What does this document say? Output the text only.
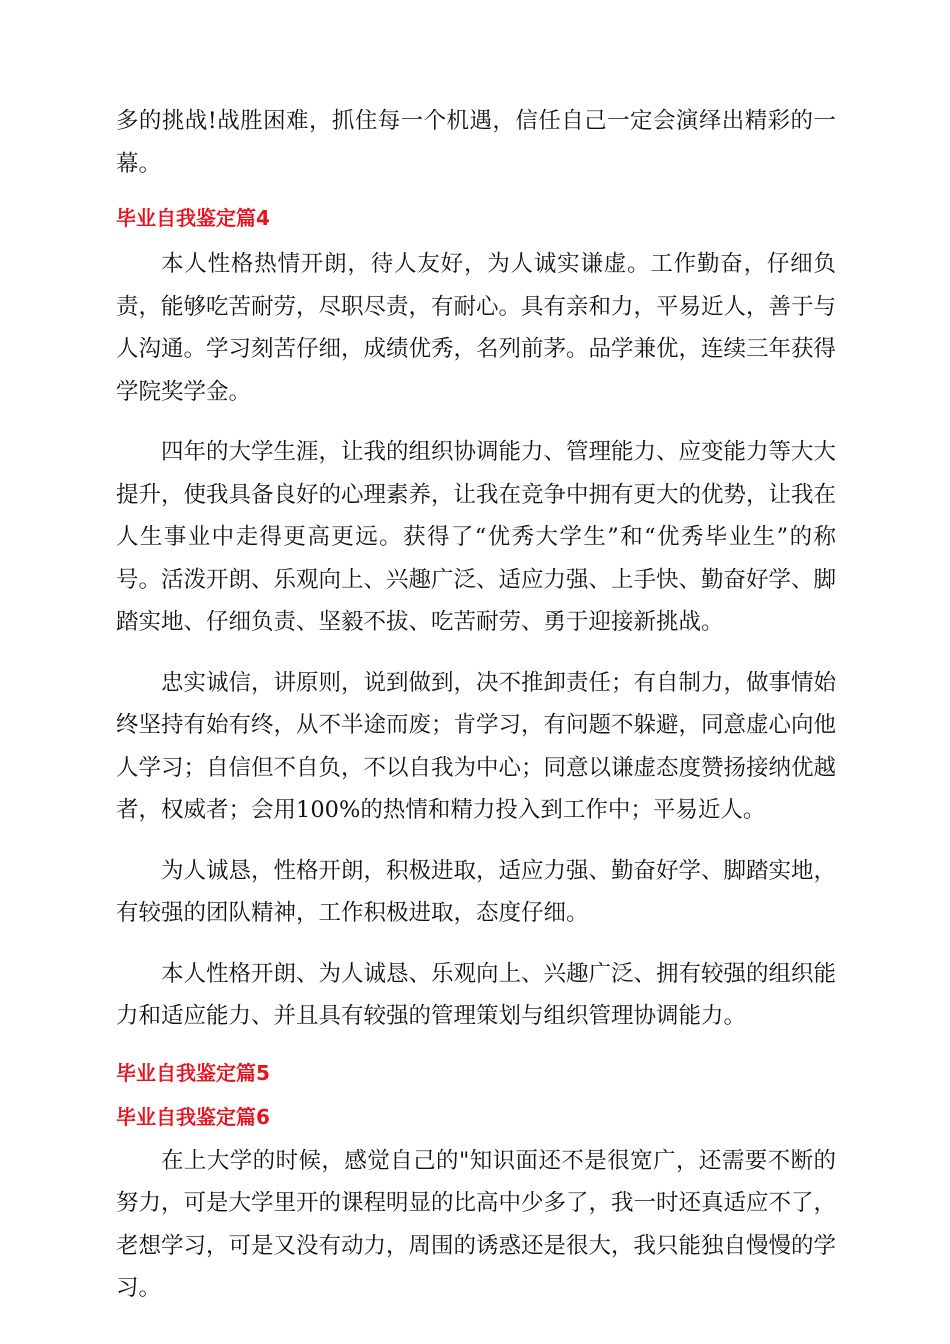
多的挑战!战胜困难，抓住每一个机遇，信任自己一定会演绎出精彩的一幕。

毕业自我鉴定篇4

本人性格热情开朗，待人友好，为人诚实谦虚。工作勤奋，仔细负责，能够吃苦耐劳，尽职尽责，有耐心。具有亲和力，平易近人，善于与人沟通。学习刻苦仔细，成绩优秀，名列前茅。品学兼优，连续三年获得学院奖学金。

四年的大学生涯，让我的组织协调能力、管理能力、应变能力等大大提升，使我具备良好的心理素养，让我在竞争中拥有更大的优势，让我在人生事业中走得更高更远。获得了“优秀大学生”和“优秀毕业生”的称号。活泼开朗、乐观向上、兴趣广泛、适应力强、上手快、勤奋好学、脚踏实地、仔细负责、坚毅不拔、吃苦耐劳、勇于迎接新挑战。

忠实诚信，讲原则，说到做到，决不推卸责任；有自制力，做事情始终坚持有始有终，从不半途而废；肯学习，有问题不躲避，同意虚心向他人学习；自信但不自负，不以自我为中心；同意以谦虚态度赞扬接纳优越者，权威者；会用100%的热情和精力投入到工作中；平易近人。

为人诚恳，性格开朗，积极进取，适应力强、勤奋好学、脚踏实地，有较强的团队精神，工作积极进取，态度仔细。

本人性格开朗、为人诚恳、乐观向上、兴趣广泛、拥有较强的组织能力和适应能力、并且具有较强的管理策划与组织管理协调能力。

毕业自我鉴定篇5
毕业自我鉴定篇6

在上大学的时候，感觉自己的"知识面还不是很宽广，还需要不断的努力，可是大学里开的课程明显的比高中少多了，我一时还真适应不了，老想学习，可是又没有动力，周围的诱惑还是很大，我只能独自慢慢的学习。
